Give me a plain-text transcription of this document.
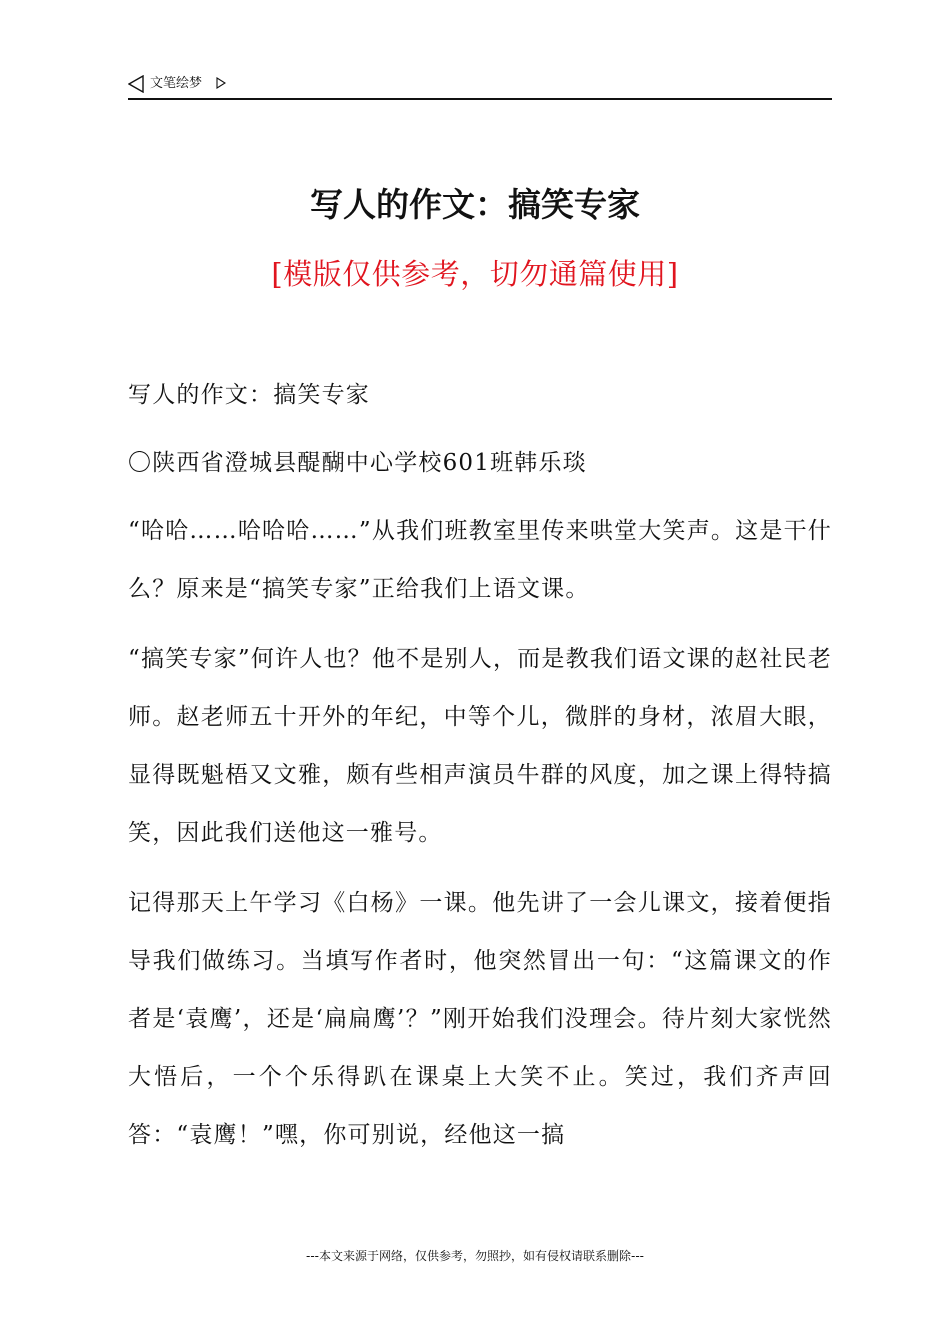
文笔绘梦
写人的作文：搞笑专家
[模版仅供参考，切勿通篇使用]

写人的作文：搞笑专家

〇陕西省澄城县醍醐中心学校601班韩乐琰

“哈哈……哈哈哈……”从我们班教室里传来哄堂大笑声。这是干什么？原来是“搞笑专家”正给我们上语文课。

“搞笑专家”何许人也？他不是别人，而是教我们语文课的赵社民老师。赵老师五十开外的年纪，中等个儿，微胖的身材，浓眉大眼，显得既魁梧又文雅，颇有些相声演员牛群的风度，加之课上得特搞笑，因此我们送他这一雅号。

记得那天上午学习《白杨》一课。他先讲了一会儿课文，接着便指导我们做练习。当填写作者时，他突然冒出一句：“这篇课文的作者是‘袁鹰’，还是‘扁扁鹰’？”刚开始我们没理会。待片刻大家恍然大悟后，一个个乐得趴在课桌上大笑不止。笑过，我们齐声回答：“袁鹰！”嘿，你可别说，经他这一搞

---本文来源于网络，仅供参考，勿照抄，如有侵权请联系删除---
